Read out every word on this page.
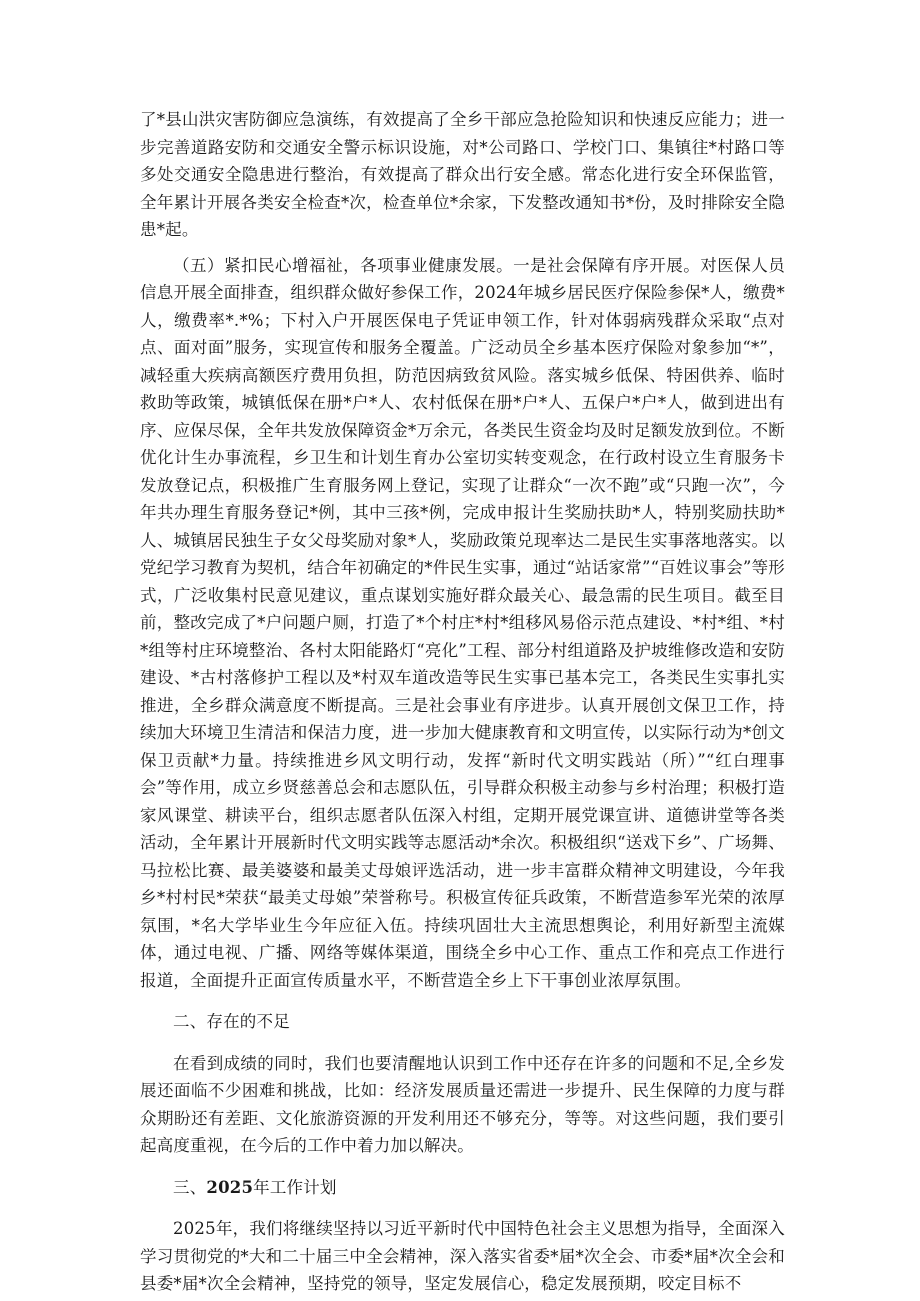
了*县山洪灾害防御应急演练，有效提高了全乡干部应急抢险知识和快速反应能力；进一步完善道路安防和交通安全警示标识设施，对*公司路口、学校门口、集镇往*村路口等多处交通安全隐患进行整治，有效提高了群众出行安全感。常态化进行安全环保监管，全年累计开展各类安全检查*次，检查单位*余家，下发整改通知书*份，及时排除安全隐患*起。

（五）紧扣民心增福祉，各项事业健康发展。一是社会保障有序开展。对医保人员信息开展全面排查，组织群众做好参保工作，2024年城乡居民医疗保险参保*人，缴费*人，缴费率*.*%；下村入户开展医保电子凭证申领工作，针对体弱病残群众采取“点对点、面对面”服务，实现宣传和服务全覆盖。广泛动员全乡基本医疗保险对象参加“*”，减轻重大疾病高额医疗费用负担，防范因病致贫风险。落实城乡低保、特困供养、临时救助等政策，城镇低保在册*户*人、农村低保在册*户*人、五保户*户*人，做到进出有序、应保尽保，全年共发放保障资金*万余元，各类民生资金均及时足额发放到位。不断优化计生办事流程，乡卫生和计划生育办公室切实转变观念，在行政村设立生育服务卡发放登记点，积极推广生育服务网上登记，实现了让群众“一次不跑”或“只跑一次”，今年共办理生育服务登记*例，其中三孩*例，完成申报计生奖励扶助*人，特别奖励扶助*人、城镇居民独生子女父母奖励对象*人，奖励政策兑现率达二是民生实事落地落实。以党纪学习教育为契机，结合年初确定的*件民生实事，通过“站话家常”“百姓议事会”等形式，广泛收集村民意见建议，重点谋划实施好群众最关心、最急需的民生项目。截至目前，整改完成了*户问题户厕，打造了*个村庄*村*组移风易俗示范点建设、*村*组、*村*组等村庄环境整治、各村太阳能路灯“亮化”工程、部分村组道路及护坡维修改造和安防建设、*古村落修护工程以及*村双车道改造等民生实事已基本完工，各类民生实事扎实推进，全乡群众满意度不断提高。三是社会事业有序进步。认真开展创文保卫工作，持续加大环境卫生清洁和保洁力度，进一步加大健康教育和文明宣传，以实际行动为*创文保卫贡献*力量。持续推进乡风文明行动，发挥“新时代文明实践站（所）”“红白理事会”等作用，成立乡贤慈善总会和志愿队伍，引导群众积极主动参与乡村治理；积极打造家风课堂、耕读平台，组织志愿者队伍深入村组，定期开展党课宣讲、道德讲堂等各类活动，全年累计开展新时代文明实践等志愿活动*余次。积极组织“送戏下乡”、广场舞、马拉松比赛、最美婆婆和最美丈母娘评选活动，进一步丰富群众精神文明建设，今年我乡*村村民*荣获“最美丈母娘”荣誉称号。积极宣传征兵政策，不断营造参军光荣的浓厚氛围，*名大学毕业生今年应征入伍。持续巩固壮大主流思想舆论，利用好新型主流媒体，通过电视、广播、网络等媒体渠道，围绕全乡中心工作、重点工作和亮点工作进行报道，全面提升正面宣传质量水平，不断营造全乡上下干事创业浓厚氛围。

二、存在的不足

在看到成绩的同时，我们也要清醒地认识到工作中还存在许多的问题和不足,全乡发展还面临不少困难和挑战，比如：经济发展质量还需进一步提升、民生保障的力度与群众期盼还有差距、文化旅游资源的开发利用还不够充分，等等。对这些问题，我们要引起高度重视，在今后的工作中着力加以解决。

三、2025年工作计划

2025年，我们将继续坚持以习近平新时代中国特色社会主义思想为指导，全面深入学习贯彻党的*大和二十届三中全会精神，深入落实省委*届*次全会、市委*届*次全会和县委*届*次全会精神，坚持党的领导，坚定发展信心，稳定发展预期，咬定目标不
